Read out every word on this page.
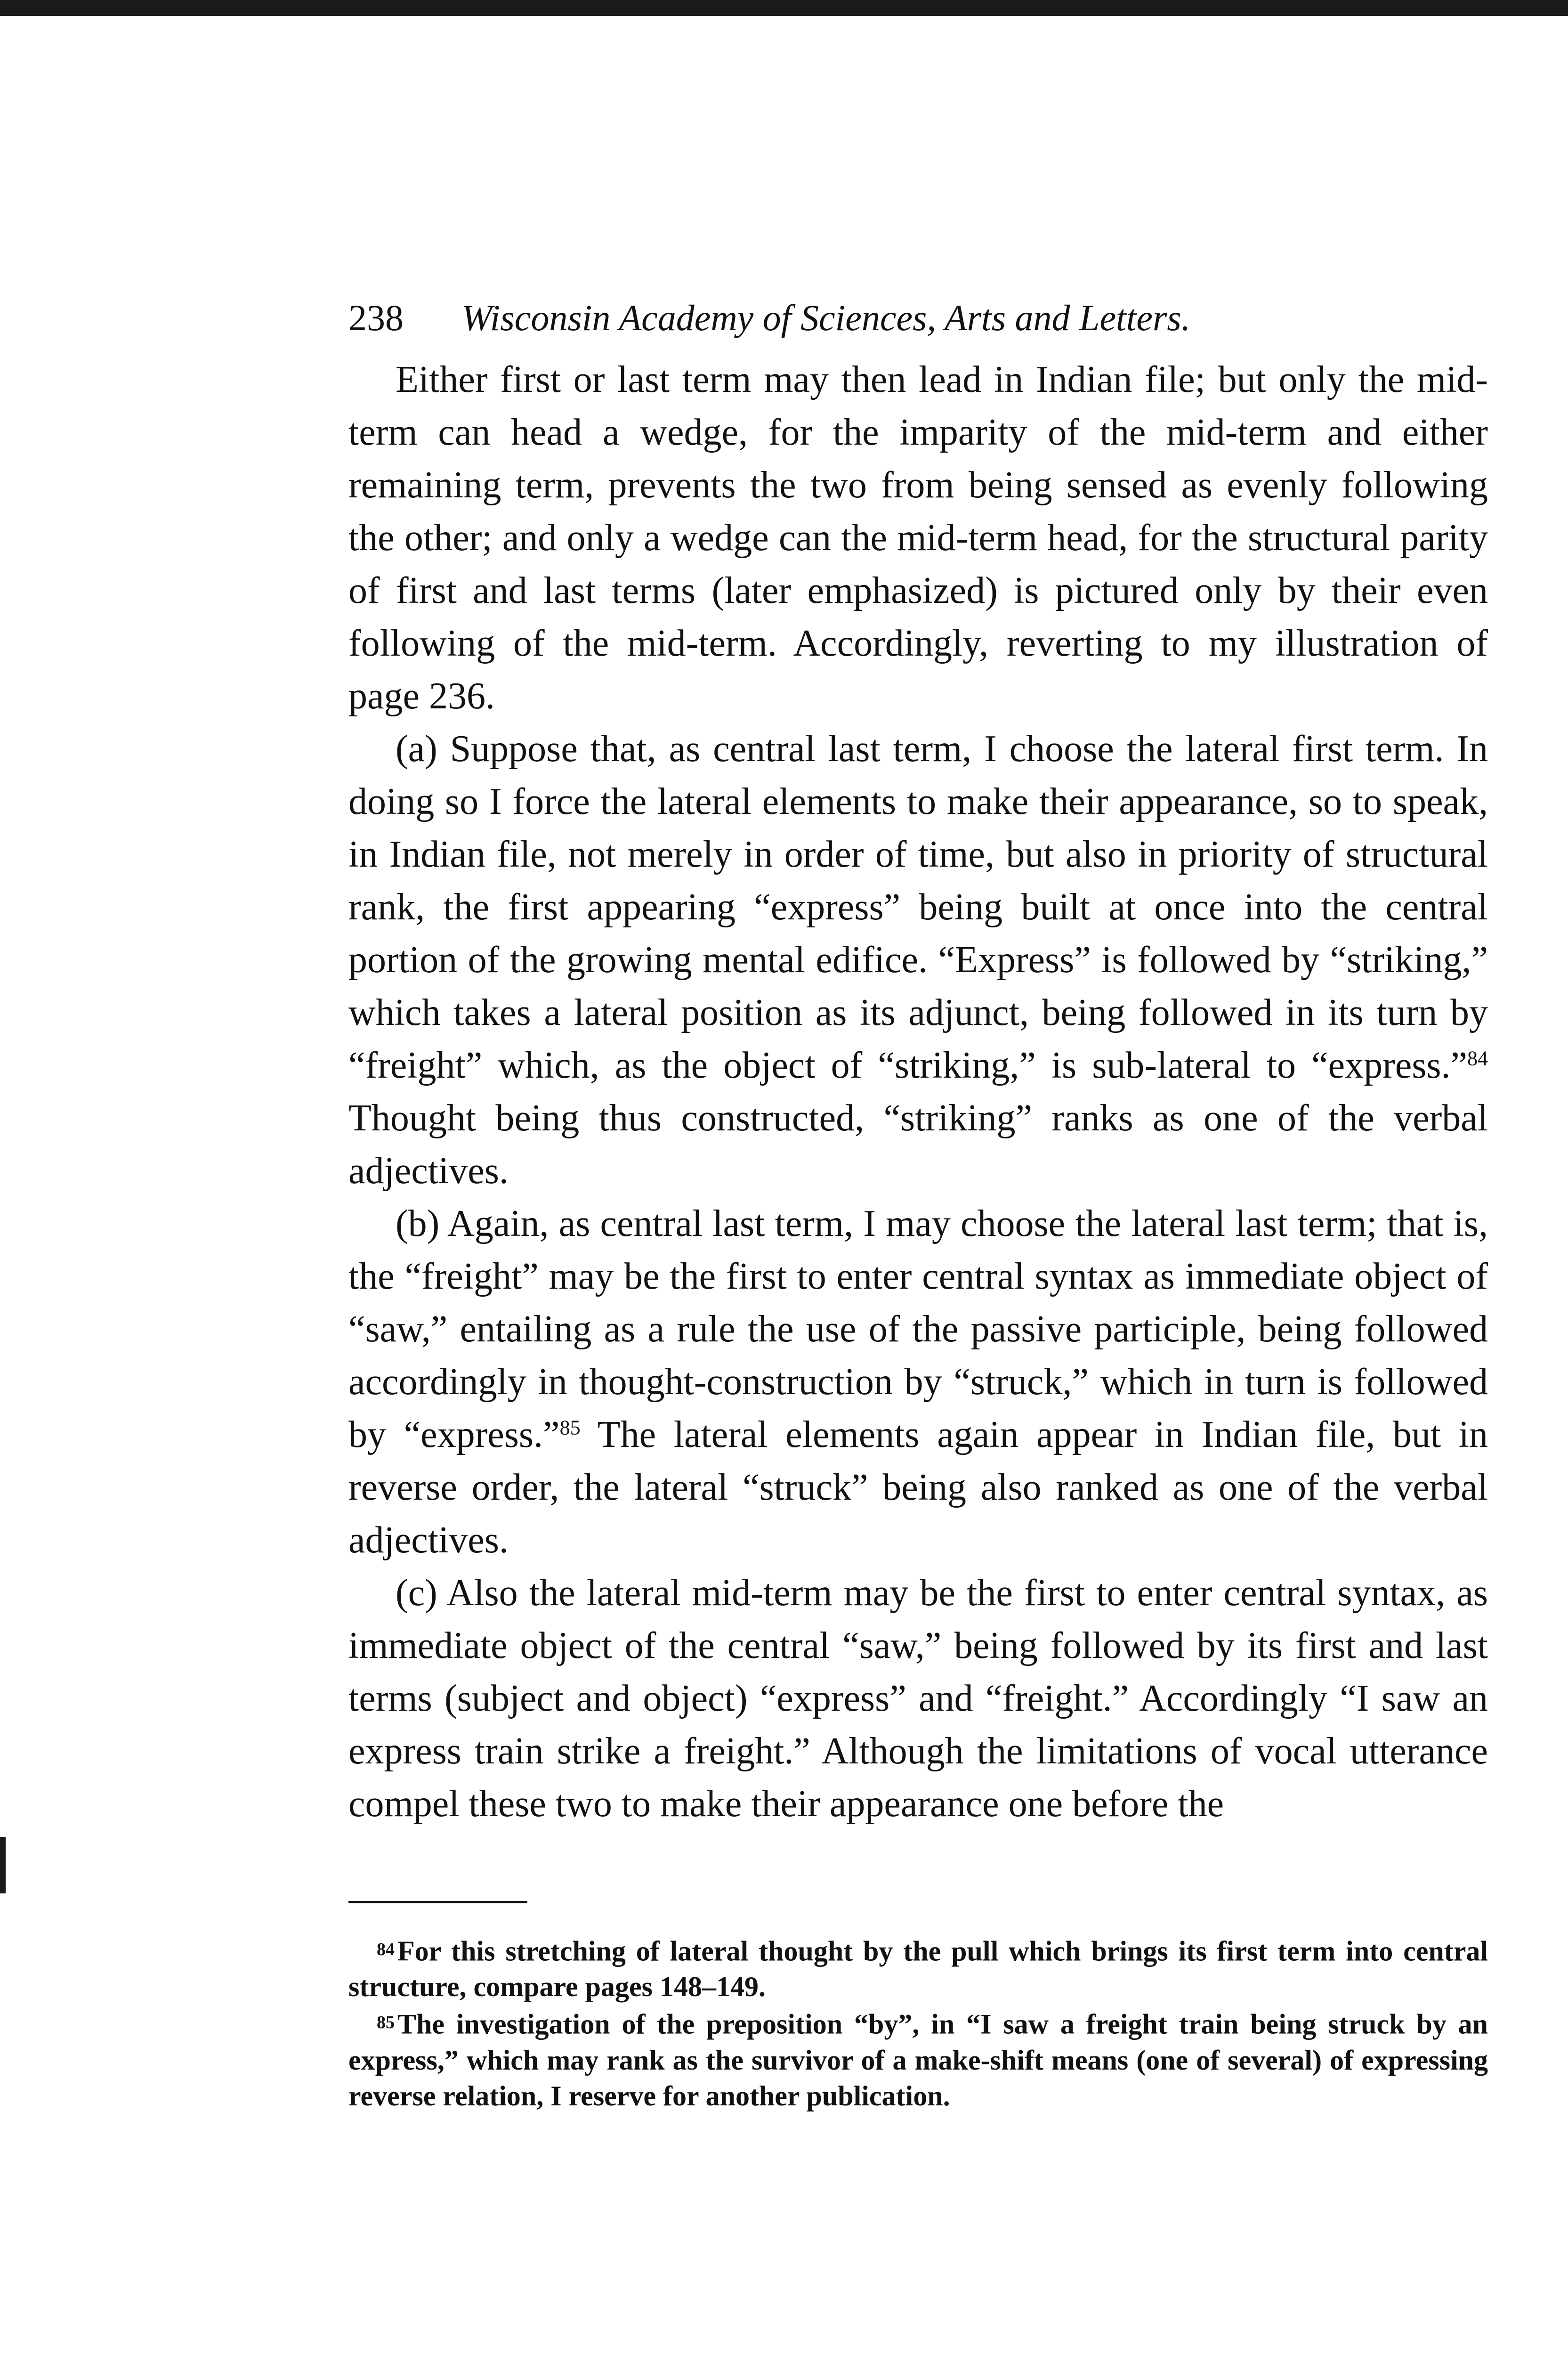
238 Wisconsin Academy of Sciences, Arts and Letters.

Either first or last term may then lead in Indian file; but only the mid-term can head a wedge, for the imparity of the mid-term and either remaining term, prevents the two from being sensed as evenly following the other; and only a wedge can the mid-term head, for the structural parity of first and last terms (later emphasized) is pictured only by their even following of the mid-term. Accordingly, reverting to my illustration of page 236.

(a) Suppose that, as central last term, I choose the lateral first term. In doing so I force the lateral elements to make their appearance, so to speak, in Indian file, not merely in order of time, but also in priority of structural rank, the first appearing “express” being built at once into the central portion of the growing mental edifice. “Express” is followed by “striking,” which takes a lateral position as its adjunct, being followed in its turn by “freight” which, as the object of “striking,” is sub-lateral to “express.”$^{84}$ Thought being thus constructed, “striking” ranks as one of the verbal adjectives.

(b) Again, as central last term, I may choose the lateral last term; that is, the “freight” may be the first to enter central syntax as immediate object of “saw,” entailing as a rule the use of the passive participle, being followed accordingly in thought-construction by “struck,” which in turn is followed by “express.”$^{85}$ The lateral elements again appear in Indian file, but in reverse order, the lateral “struck” being also ranked as one of the verbal adjectives.

(c) Also the lateral mid-term may be the first to enter central syntax, as immediate object of the central “saw,” being followed by its first and last terms (subject and object) “express” and “freight.” Accordingly “I saw an express train strike a freight.” Although the limitations of vocal utterance compel these two to make their appearance one before the

84 For this stretching of lateral thought by the pull which brings its first term into central structure, compare pages 148–149.

85 The investigation of the preposition “by”, in “I saw a freight train being struck by an express,” which may rank as the survivor of a make-shift means (one of several) of expressing reverse relation, I reserve for another publication.
